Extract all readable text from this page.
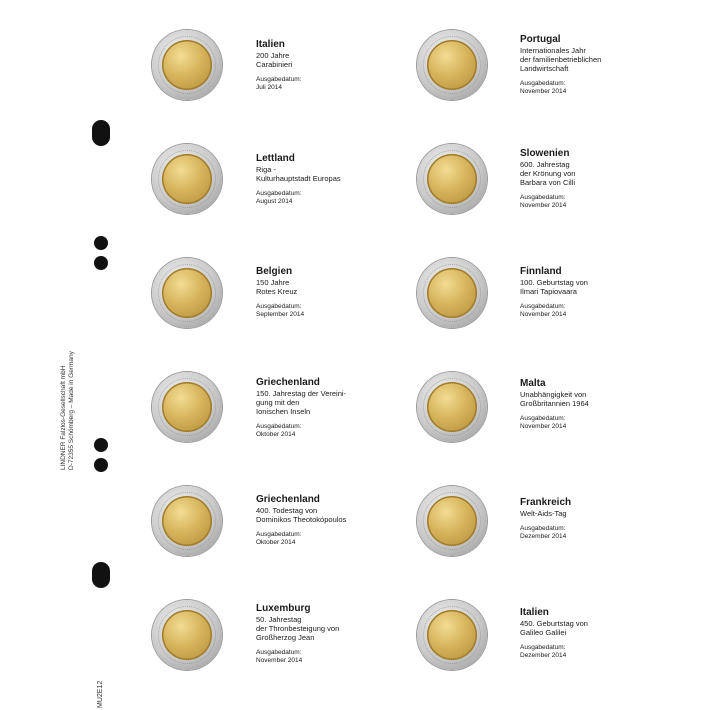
LINDNER Falzlos-Gesellschaft mbH D-72355 Schömberg – Made in Germany
MU2E12
Italien
200 Jahre
Carabinieri
Ausgabedatum:
Juli 2014
Lettland
Riga -
Kulturhauptstadt Europas
Ausgabedatum:
August 2014
Belgien
150 Jahre
Rotes Kreuz
Ausgabedatum:
September 2014
Griechenland
150. Jahrestag der Vereini-
gung mit den
Ionischen Inseln
Ausgabedatum:
Oktober 2014
Griechenland
400. Todestag von
Dominikos Theotokópoulos
Ausgabedatum:
Oktober 2014
Luxemburg
50. Jahrestag
der Thronbesteigung von
Großherzog Jean
Ausgabedatum:
November 2014
Portugal
Internationales Jahr
der familienbetrieblichen
Landwirtschaft
Ausgabedatum:
November 2014
Slowenien
600. Jahrestag
der Krönung von
Barbara von Cilli
Ausgabedatum:
November 2014
Finnland
100. Geburtstag von
Ilmari Tapiovaara
Ausgabedatum:
November 2014
Malta
Unabhängigkeit von
Großbritannien 1964
Ausgabedatum:
November 2014
Frankreich
Welt-Aids-Tag
Ausgabedatum:
Dezember 2014
Italien
450. Geburtstag von
Galileo Galilei
Ausgabedatum:
Dezember 2014
